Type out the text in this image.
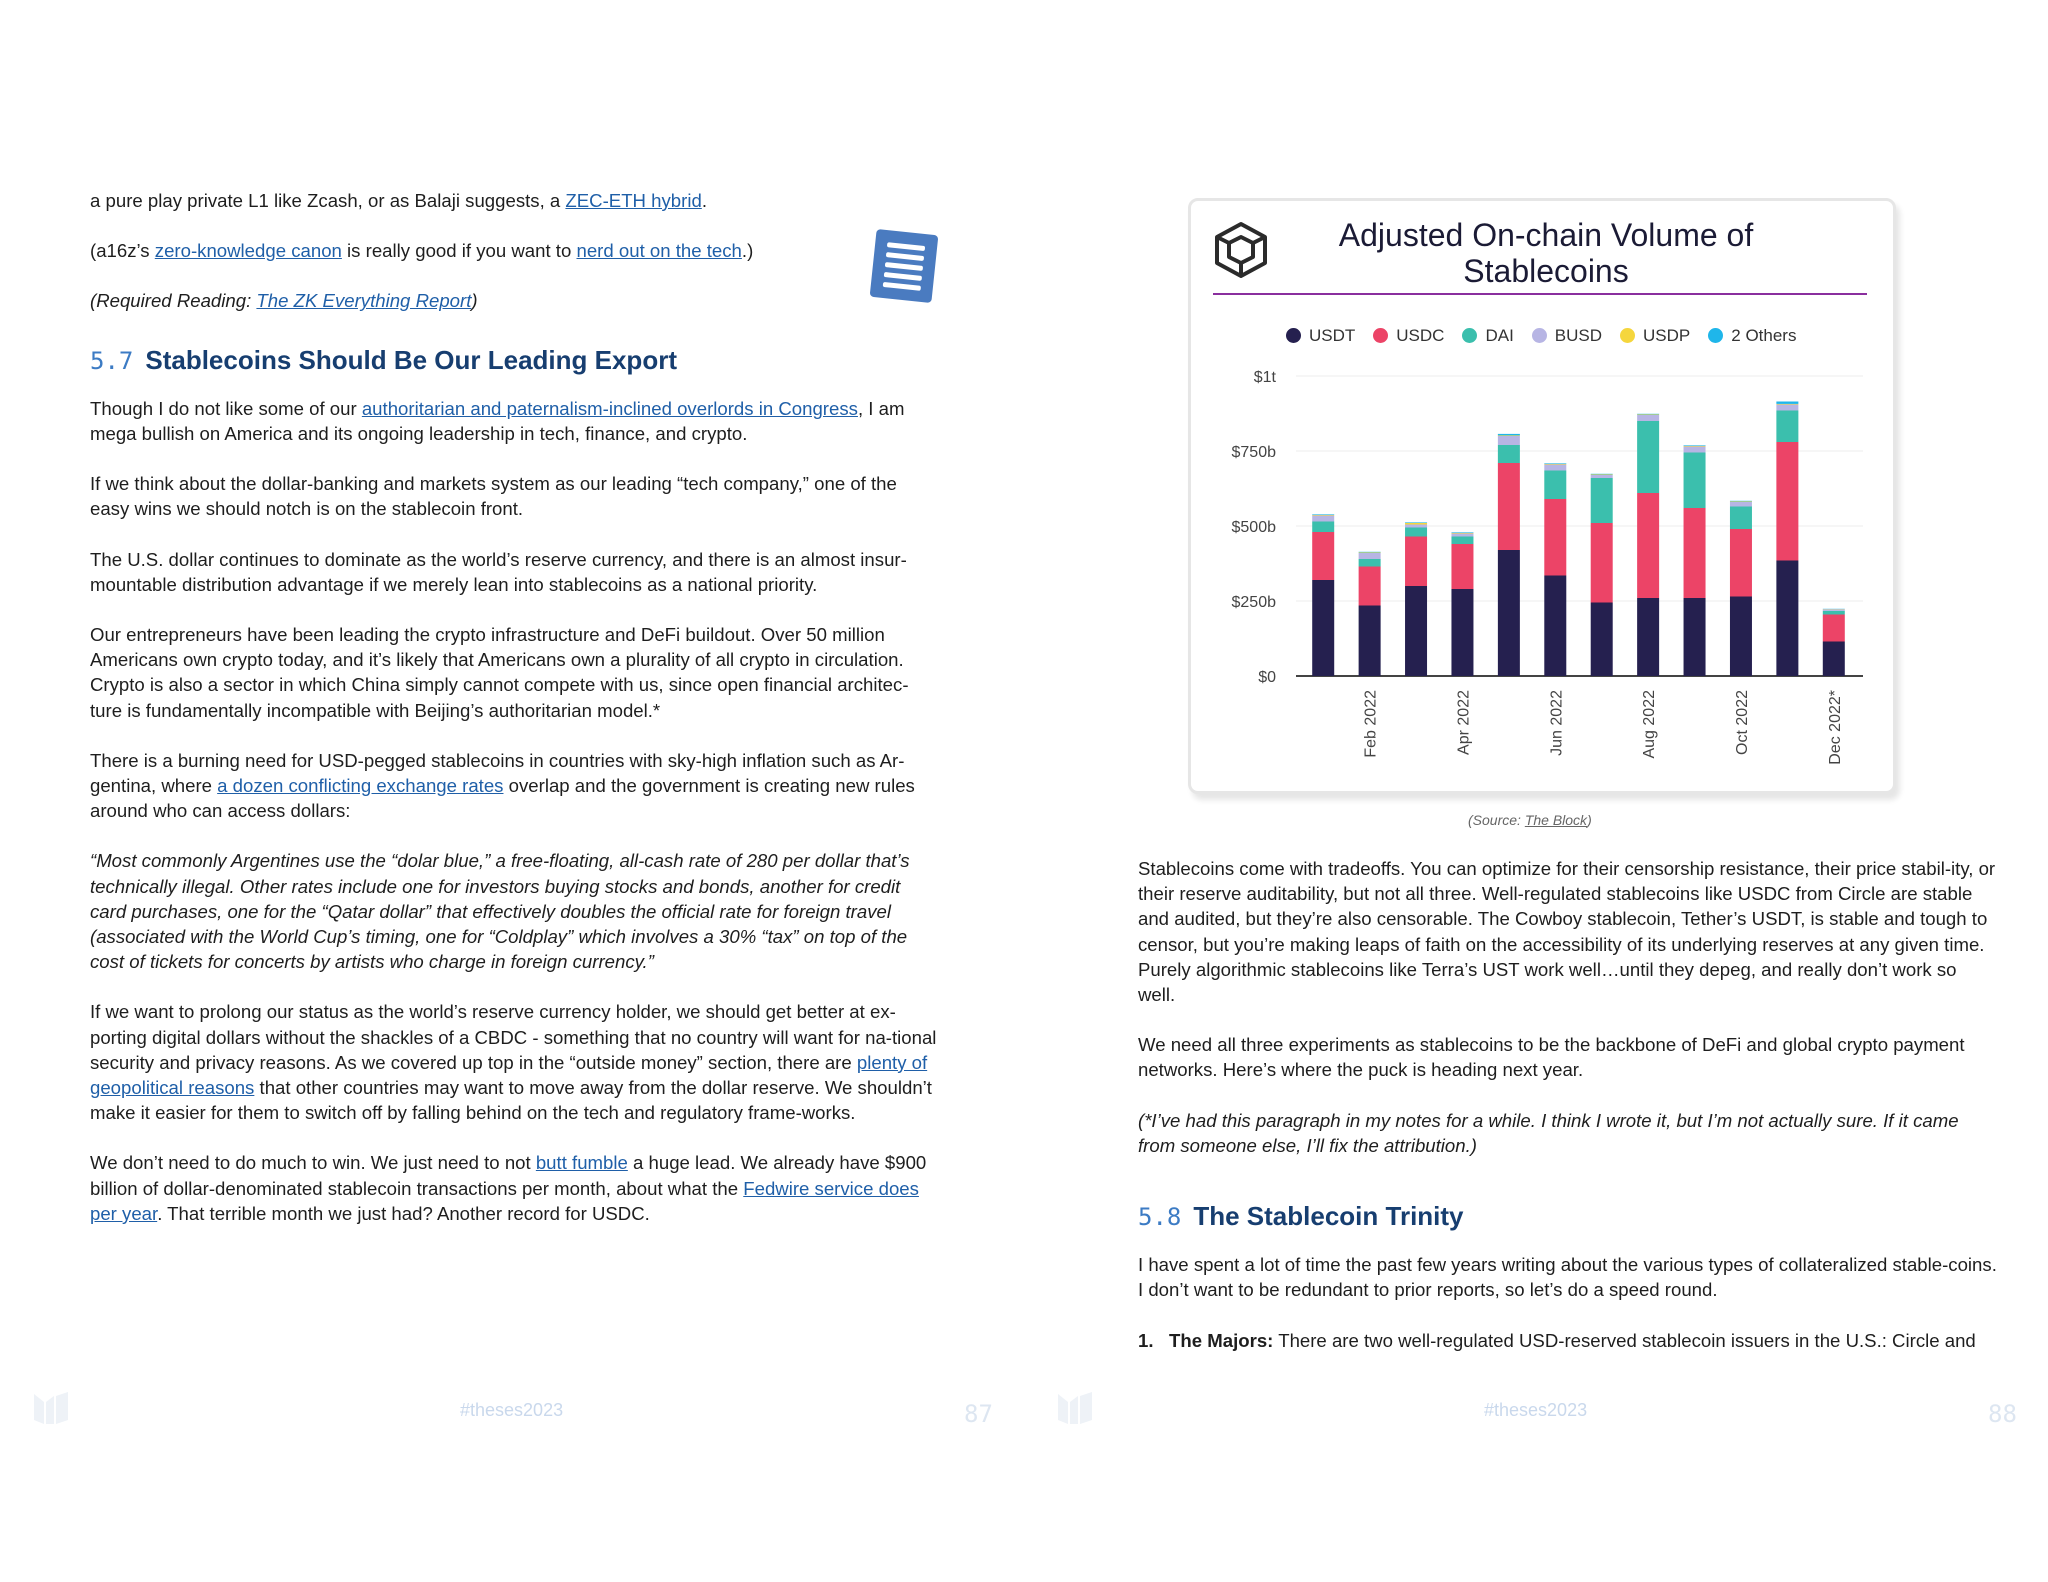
a pure play private L1 like Zcash, or as Balaji suggests, a ZEC-ETH hybrid.

(a16z’s zero-knowledge canon is really good if you want to nerd out on the tech.)

(Required Reading: The ZK Everything Report)

5.7 Stablecoins Should Be Our Leading Export

Though I do not like some of our authoritarian and paternalism-inclined overlords in Congress, I am mega bullish on America and its ongoing leadership in tech, finance, and crypto.

If we think about the dollar-banking and markets system as our leading “tech company,” one of the easy wins we should notch is on the stablecoin front.

The U.S. dollar continues to dominate as the world’s reserve currency, and there is an almost insur-mountable distribution advantage if we merely lean into stablecoins as a national priority.

Our entrepreneurs have been leading the crypto infrastructure and DeFi buildout. Over 50 million Americans own crypto today, and it’s likely that Americans own a plurality of all crypto in circulation. Crypto is also a sector in which China simply cannot compete with us, since open financial architec-ture is fundamentally incompatible with Beijing’s authoritarian model.*

There is a burning need for USD-pegged stablecoins in countries with sky-high inflation such as Ar-gentina, where a dozen conflicting exchange rates overlap and the government is creating new rules around who can access dollars:

“Most commonly Argentines use the “dolar blue,” a free-floating, all-cash rate of 280 per dollar that’s technically illegal. Other rates include one for investors buying stocks and bonds, another for credit card purchases, one for the “Qatar dollar” that effectively doubles the official rate for foreign travel (associated with the World Cup’s timing, one for “Coldplay” which involves a 30% “tax” on top of the cost of tickets for concerts by artists who charge in foreign currency.”

If we want to prolong our status as the world’s reserve currency holder, we should get better at ex-porting digital dollars without the shackles of a CBDC - something that no country will want for na-tional security and privacy reasons. As we covered up top in the “outside money” section, there are plenty of geopolitical reasons that other countries may want to move away from the dollar reserve. We shouldn’t make it easier for them to switch off by falling behind on the tech and regulatory frame-works.

We don’t need to do much to win. We just need to not butt fumble a huge lead. We already have $900 billion of dollar-denominated stablecoin transactions per month, about what the Fedwire service does per year. That terrible month we just had? Another record for USDC.

#theses2023	87

Stablecoins come with tradeoffs. You can optimize for their censorship resistance, their price stabil-ity, or their reserve auditability, but not all three. Well-regulated stablecoins like USDC from Circle are stable and audited, but they’re also censorable. The Cowboy stablecoin, Tether’s USDT, is stable and tough to censor, but you’re making leaps of faith on the accessibility of its underlying reserves at any given time. Purely algorithmic stablecoins like Terra’s UST work well…until they depeg, and really don’t work so well.

We need all three experiments as stablecoins to be the backbone of DeFi and global crypto payment networks. Here’s where the puck is heading next year.

(*I’ve had this paragraph in my notes for a while. I think I wrote it, but I’m not actually sure. If it came from someone else, I’ll fix the attribution.)

5.8 The Stablecoin Trinity

I have spent a lot of time the past few years writing about the various types of collateralized stable-coins. I don’t want to be redundant to prior reports, so let’s do a speed round.

1. The Majors: There are two well-regulated USD-reserved stablecoin issuers in the U.S.: Circle and

#theses2023	88
Adjusted On-chain Volume of Stablecoins
USDT USDC DAI BUSD USDP 2 Others
$0
$250b
$500b
$750b
$1t
Feb 2022	Apr 2022	Jun 2022	Aug 2022	Oct 2022	Dec 2022*
(Source: The Block)
